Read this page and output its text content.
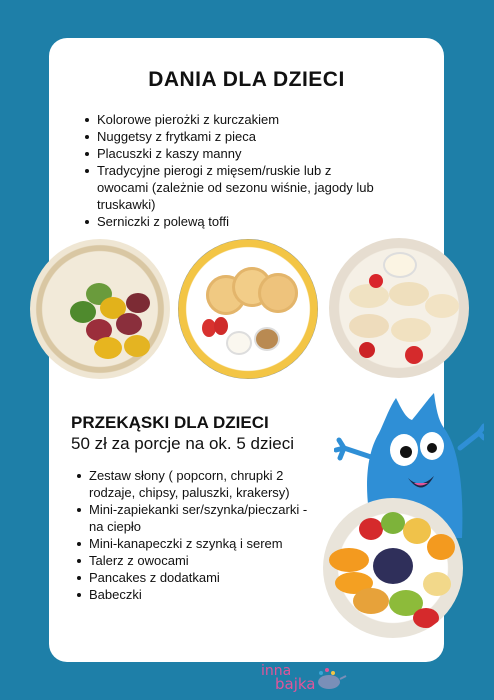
DANIA DLA DZIECI
Kolorowe pierożki z kurczakiem
Nuggetsy z frytkami z pieca
Placuszki z kaszy manny
Tradycyjne pierogi z mięsem/ruskie lub z owocami (zależnie od sezonu wiśnie, jagody lub truskawki)
Serniczki z polewą toffi
PRZEKĄSKI DLA DZIECI
50 zł za porcje na ok. 5 dzieci
Zestaw słony ( popcorn, chrupki 2 rodzaje, chipsy, paluszki, krakersy)
Mini-zapiekanki ser/szynka/pieczarki - na ciepło
Mini-kanapeczki z szynką i serem
Talerz z owocami
Pancakes z dodatkami
Babeczki
inna
bajka
